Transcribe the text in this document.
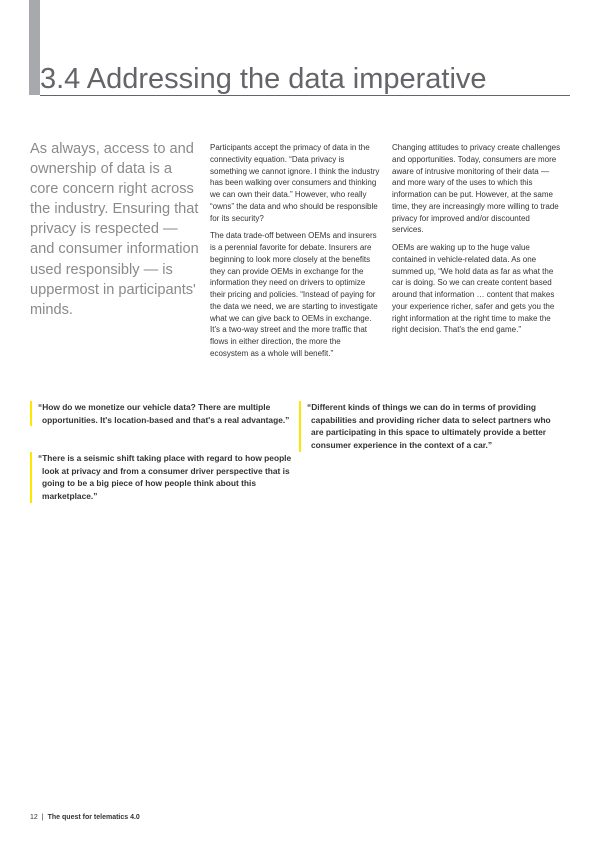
3.4 Addressing the data imperative

As always, access to and ownership of data is a core concern right across the industry. Ensuring that privacy is respected — and consumer information used responsibly — is uppermost in participants' minds.

Participants accept the primacy of data in the connectivity equation. “Data privacy is something we cannot ignore. I think the industry has been walking over consumers and thinking we can own their data.” However, who really “owns” the data and who should be responsible for its security?

The data trade-off between OEMs and insurers is a perennial favorite for debate. Insurers are beginning to look more closely at the benefits they can provide OEMs in exchange for the information they need on drivers to optimize their pricing and policies. “Instead of paying for the data we need, we are starting to investigate what we can give back to OEMs in exchange. It's a two-way street and the more traffic that flows in either direction, the more the ecosystem as a whole will benefit.”

Changing attitudes to privacy create challenges and opportunities. Today, consumers are more aware of intrusive monitoring of their data — and more wary of the uses to which this information can be put. However, at the same time, they are increasingly more willing to trade privacy for improved and/or discounted services.

OEMs are waking up to the huge value contained in vehicle-related data. As one summed up, “We hold data as far as what the car is doing. So we can create content based around that information … content that makes your experience richer, safer and gets you the right information at the right time to make the right decision. That's the end game.”

“How do we monetize our vehicle data? There are multiple opportunities. It's location-based and that's a real advantage.”
“There is a seismic shift taking place with regard to how people look at privacy and from a consumer driver perspective that is going to be a big piece of how people think about this marketplace.”
“Different kinds of things we can do in terms of providing capabilities and providing richer data to select partners who are participating in this space to ultimately provide a better consumer experience in the context of a car.”
12 | The quest for telematics 4.0
